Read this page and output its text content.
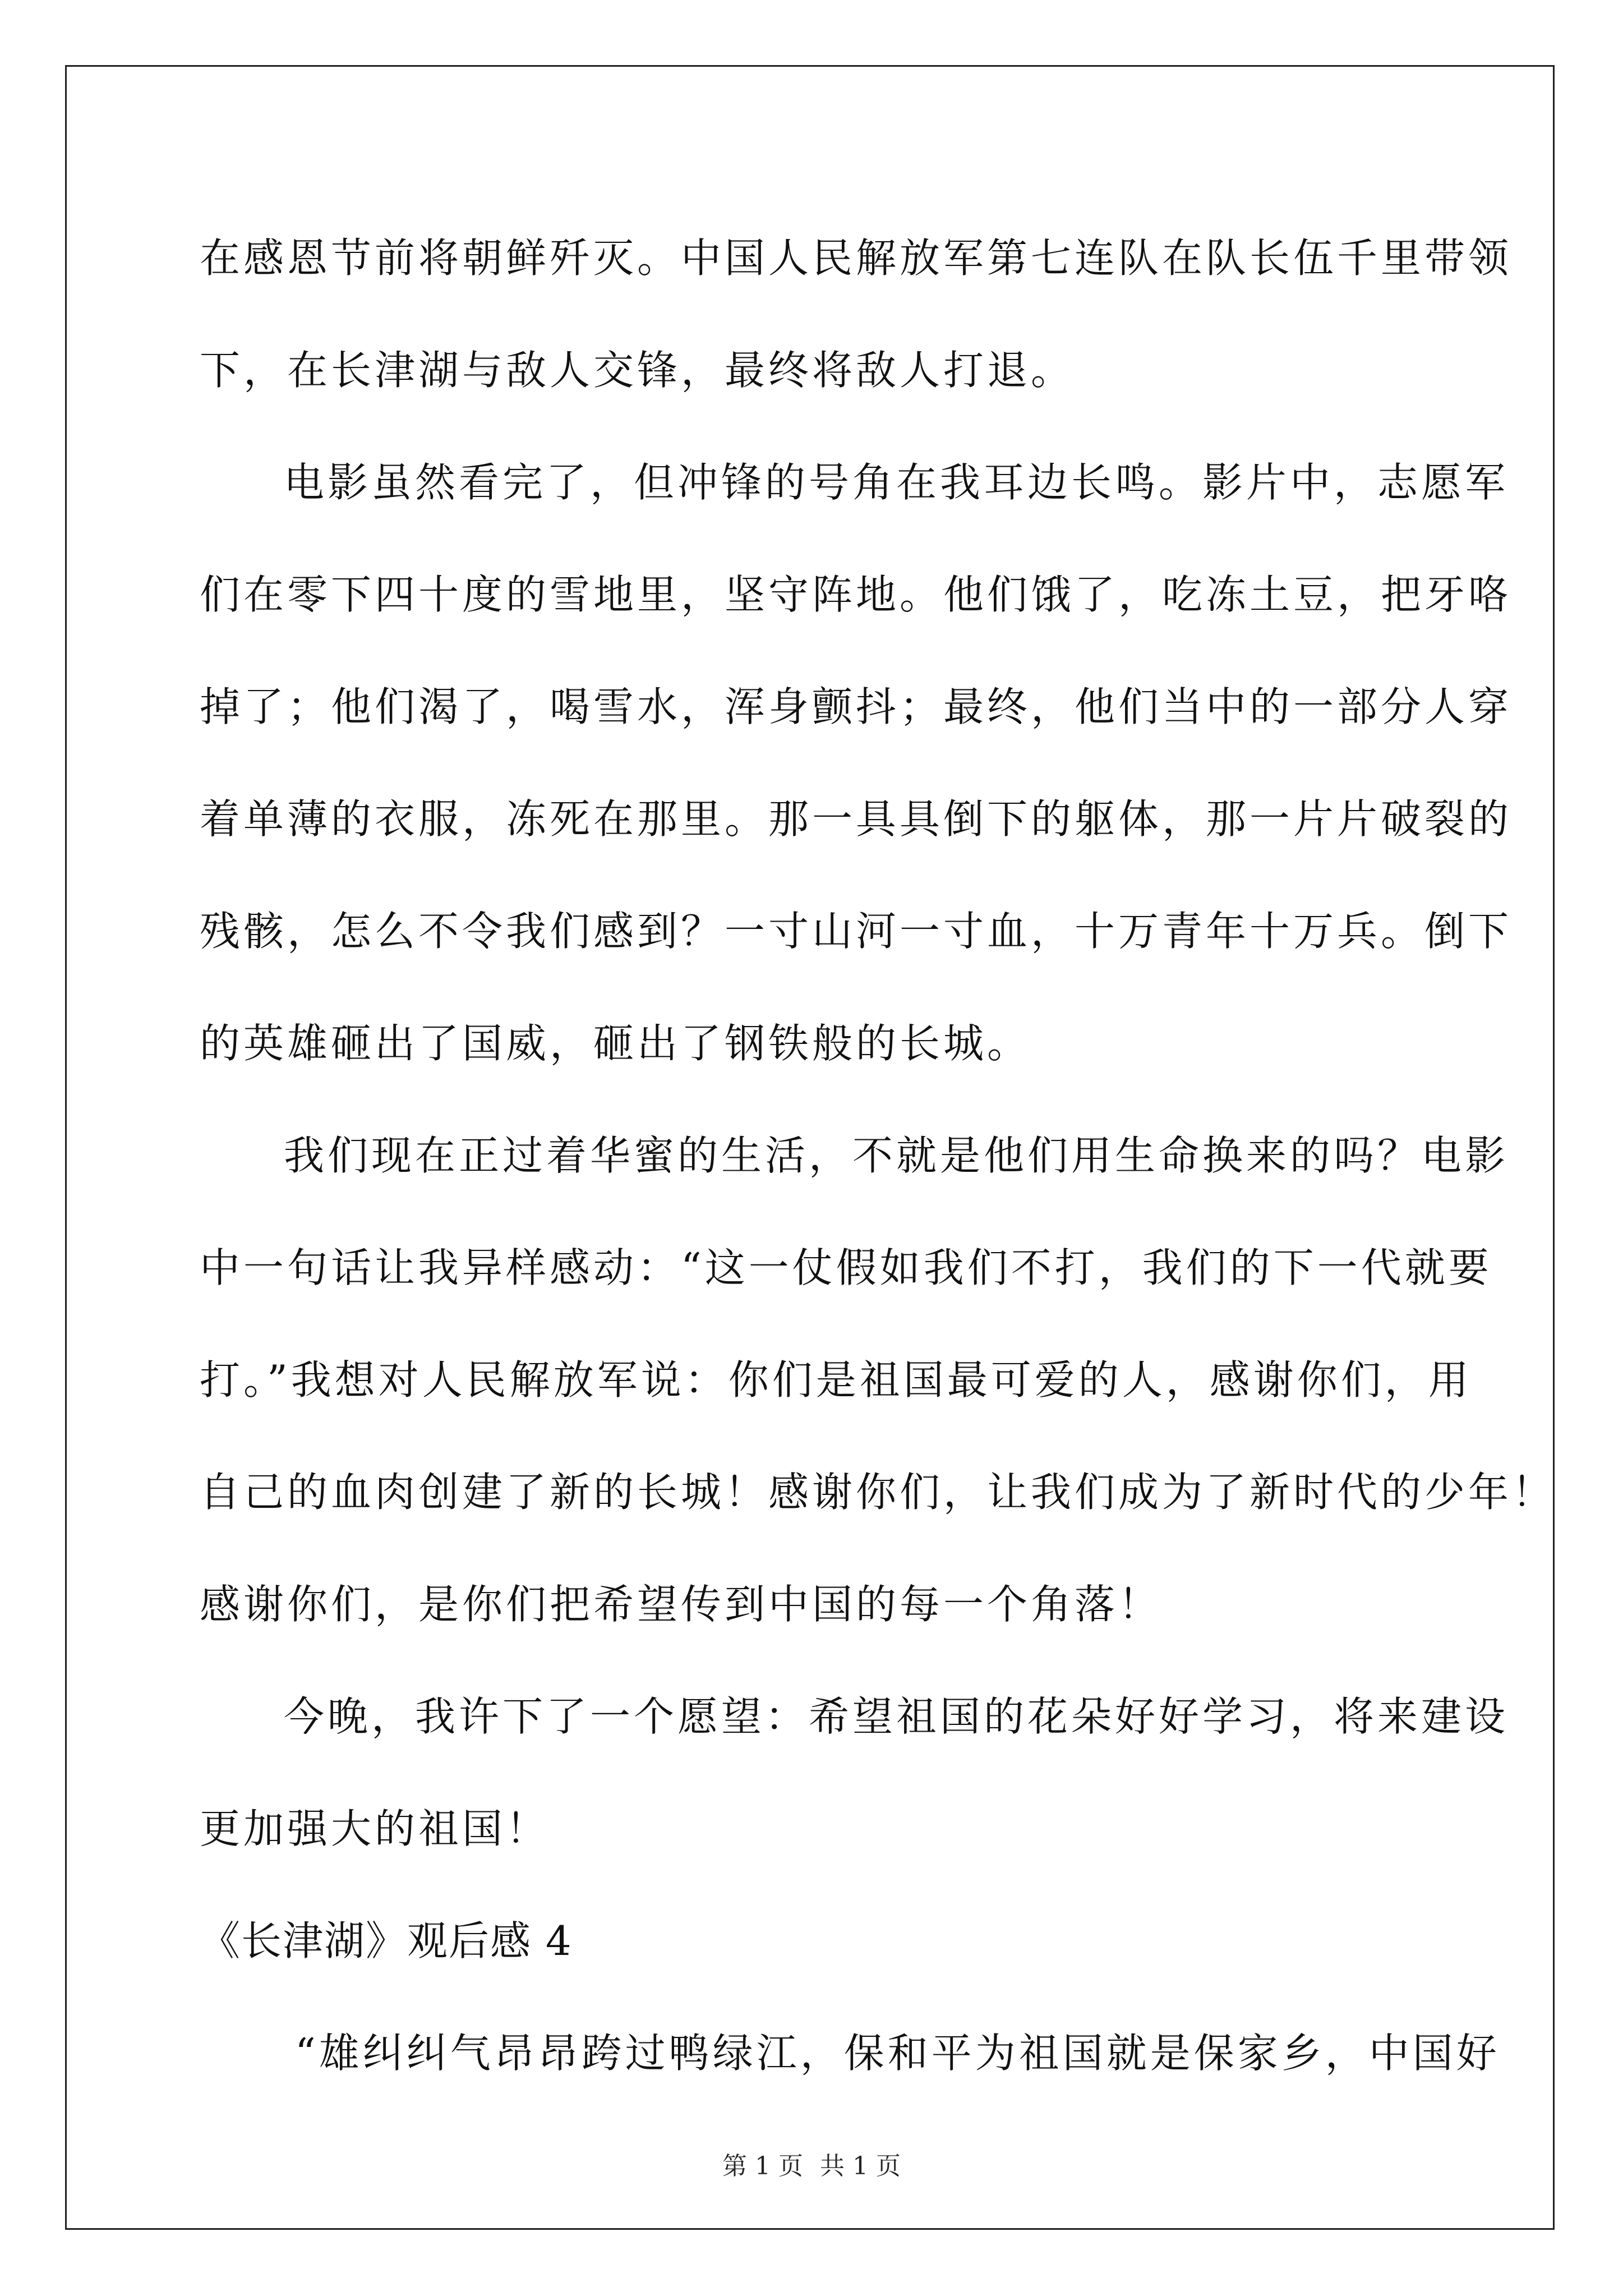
在感恩节前将朝鲜歼灭。中国人民解放军第七连队在队长伍千里带领

下，在长津湖与敌人交锋，最终将敌人打退。

电影虽然看完了，但冲锋的号角在我耳边长鸣。影片中，志愿军

们在零下四十度的雪地里，坚守阵地。他们饿了，吃冻土豆，把牙咯

掉了；他们渴了，喝雪水，浑身颤抖；最终，他们当中的一部分人穿

着单薄的衣服，冻死在那里。那一具具倒下的躯体，那一片片破裂的

残骸，怎么不令我们感到？一寸山河一寸血，十万青年十万兵。倒下

的英雄砸出了国威，砸出了钢铁般的长城。

我们现在正过着华蜜的生活，不就是他们用生命换来的吗？电影

中一句话让我异样感动：“这一仗假如我们不打，我们的下一代就要

打。”我想对人民解放军说：你们是祖国最可爱的人，感谢你们，用

自己的血肉创建了新的长城！感谢你们，让我们成为了新时代的少年！

感谢你们，是你们把希望传到中国的每一个角落！

今晚，我许下了一个愿望：希望祖国的花朵好好学习，将来建设

更加强大的祖国！

《长津湖》观后感 4

“雄纠纠气昂昂跨过鸭绿江，保和平为祖国就是保家乡，中国好

第 1 页 共 1 页
